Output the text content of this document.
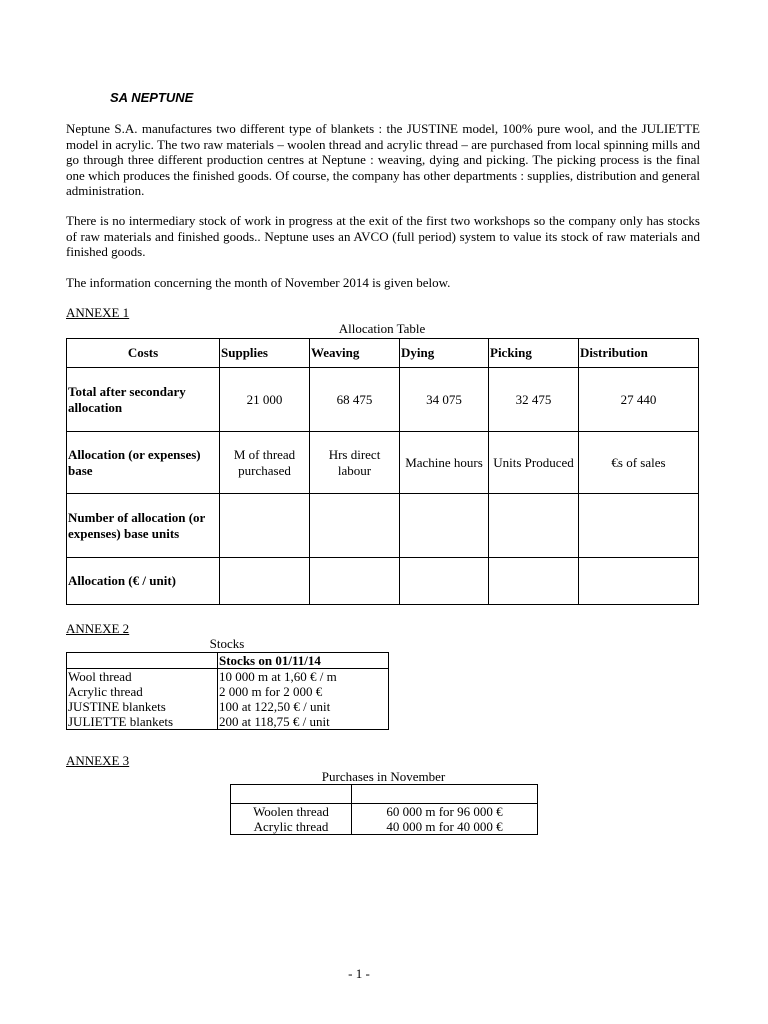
SA NEPTUNE

Neptune S.A. manufactures two different type of blankets : the JUSTINE model, 100% pure wool, and the JULIETTE model in acrylic. The two raw materials – woolen thread and acrylic thread – are purchased from local spinning mills and go through three different production centres at Neptune : weaving, dying and picking. The picking process is the final one which produces the finished goods. Of course, the company has other departments : supplies, distribution and general administration.

There is no intermediary stock of work in progress at the exit of the first two workshops so the company only has stocks of raw materials and finished goods.. Neptune uses an AVCO (full period) system to value its stock of raw materials and finished goods.

The information concerning the month of November 2014 is given below.

ANNEXE 1
Allocation Table
Costs	Supplies	Weaving	Dying	Picking	Distribution
Total after secondary allocation	21 000	68 475	34 075	32 475	27 440
Allocation (or expenses) base	M of thread purchased	Hrs direct labour	Machine hours	Units Produced	€s of sales
Number of allocation (or expenses) base units					
Allocation (€ / unit)					
ANNEXE 2
Stocks
	Stocks on 01/11/14
Wool thread	10 000 m at 1,60 € / m
Acrylic thread	2 000 m for 2 000 €
JUSTINE blankets	100 at 122,50 € / unit
JULIETTE blankets	200 at 118,75 € / unit
ANNEXE 3
Purchases in November

Woolen thread	60 000 m for 96 000 €
Acrylic thread	40 000 m for 40 000 €
- 1 -
